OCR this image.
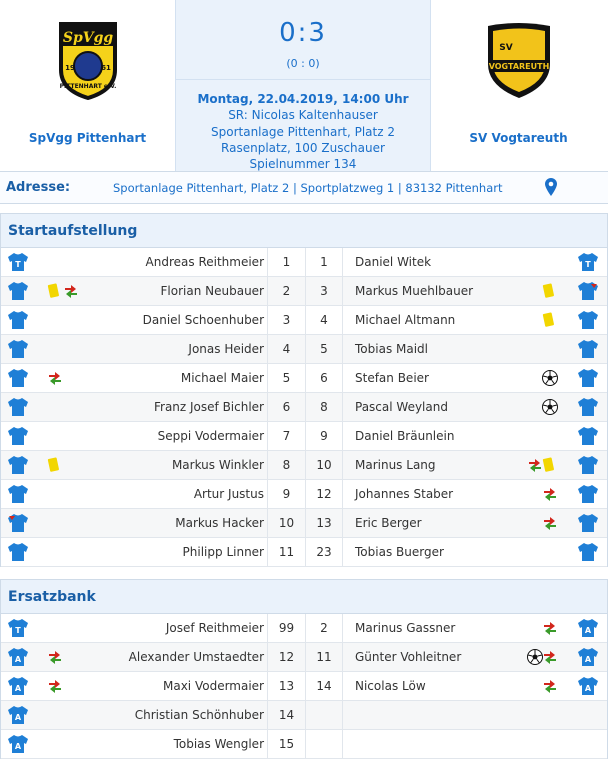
SpVgg
19	61
PITTENHART e.V.
SpVgg Pittenhart
0:3
(0 : 0)
Montag, 22.04.2019, 14:00 Uhr
SR: Nicolas Kaltenhauser
Sportanlage Pittenhart, Platz 2
Rasenplatz, 100 Zuschauer
Spielnummer 134
SV
VOGTAREUTH
SV Vogtareuth
Adresse:	Sportanlage Pittenhart, Platz 2 | Sportplatzweg 1 | 83132 Pittenhart
Startaufstellung
T	Andreas Reithmeier	1	1	Daniel Witek	T
Florian Neubauer	2	3	Markus Muehlbauer
Daniel Schoenhuber	3	4	Michael Altmann
Jonas Heider	4	5	Tobias Maidl
Michael Maier	5	6	Stefan Beier
Franz Josef Bichler	6	8	Pascal Weyland
Seppi Vodermaier	7	9	Daniel Bräunlein
Markus Winkler	8	10	Marinus Lang
Artur Justus	9	12	Johannes Staber
Markus Hacker	10	13	Eric Berger
Philipp Linner	11	23	Tobias Buerger
Ersatzbank
T	Josef Reithmeier	99	2	Marinus Gassner	A
A	Alexander Umstaedter	12	11	Günter Vohleitner	A
A	Maxi Vodermaier	13	14	Nicolas Löw	A
A	Christian Schönhuber	14
A	Tobias Wengler	15
